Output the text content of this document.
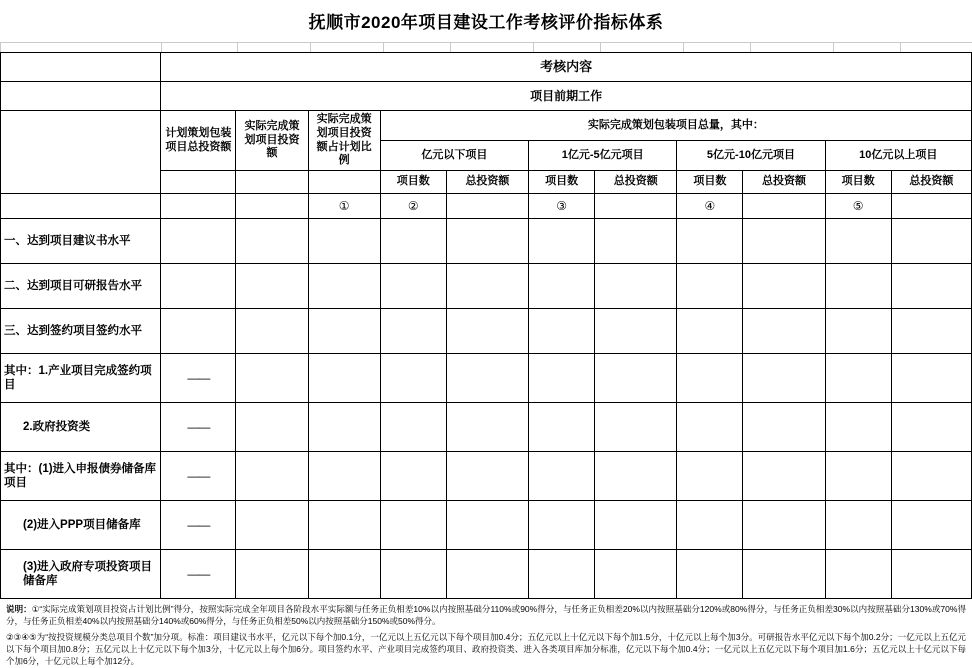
抚顺市2020年项目建设工作考核评价指标体系

	考核内容										
	项目前期工作										
	计划策划包装项目总投资额	实际完成策划项目投资额	实际完成策划项目投资额占计划比例	实际完成策划包装项目总量，其中：							
				亿元以下项目		1亿元-5亿元项目		5亿元-10亿元项目		10亿元以上项目	
				项目数	总投资额	项目数	总投资额	项目数	总投资额	项目数	总投资额
			①	②		③		④		⑤	
一、达到项目建议书水平											
二、达到项目可研报告水平											
三、达到签约项目签约水平											
其中：1.产业项目完成签约项目	——										
2.政府投资类	——										
其中：(1)进入申报债券储备库项目	——										
(2)进入PPP项目储备库	——										
(3)进入政府专项投资项目储备库	——										
说明：①“实际完成策划项目投资占计划比例”得分，按照实际完成全年项目各阶段水平实际额与任务正负相差10%以内按照基础分110%或90%得分，与任务正负相差20%以内按照基础分120%或80%得分，与任务正负相差30%以内按照基础分130%或70%得分，与任务正负相差40%以内按照基础分140%或60%得分，与任务正负相差50%以内按照基础分150%或50%得分。
②③④⑤为“按投资规模分类总项目个数”加分项。标准：项目建议书水平，亿元以下每个加0.1分，一亿元以上五亿元以下每个项目加0.4分；五亿元以上十亿元以下每个加1.5分，十亿元以上每个加3分。可研报告水平亿元以下每个加0.2分；一亿元以上五亿元以下每个项目加0.8分；五亿元以上十亿元以下每个加3分，十亿元以上每个加6分。项目签约水平、产业项目完成签约项目、政府投资类、进入各类项目库加分标准，亿元以下每个加0.4分；一亿元以上五亿元以下每个项目加1.6分；五亿元以上十亿元以下每个加6分，十亿元以上每个加12分。
